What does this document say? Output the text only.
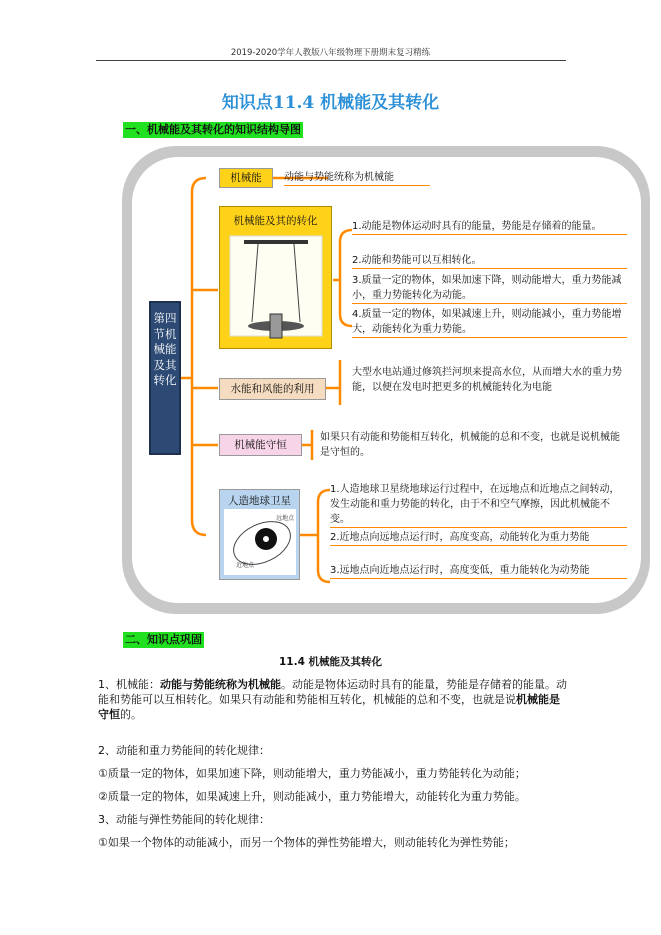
2019-2020学年人教版八年级物理下册期末复习精练
知识点11.4 机械能及其转化
一、机械能及其转化的知识结构导图
第四节机械能及其转化
机械能	动能与势能统称为机械能
机械能及其的转化	1.动能是物体运动时具有的能量，势能是存储着的能量。
2.动能和势能可以互相转化。
3.质量一定的物体，如果加速下降，则动能增大，重力势能减小，重力势能转化为动能。
4.质量一定的物体，如果减速上升，则动能减小，重力势能增大，动能转化为重力势能。
水能和风能的利用
大型水电站通过修筑拦河坝来提高水位，从而增大水的重力势能，以便在发电时把更多的机械能转化为电能
机械能守恒
如果只有动能和势能相互转化，机械能的总和不变，也就是说机械能是守恒的。
人造地球卫星
远地点
近地点
1.人造地球卫星绕地球运行过程中，在远地点和近地点之间转动，发生动能和重力势能的转化，由于不和空气摩擦，因此机械能不变。
2.近地点向远地点运行时，高度变高，动能转化为重力势能
3.远地点向近地点运行时，高度变低，重力能转化为动势能
二、知识点巩固
11.4 机械能及其转化
1、机械能：动能与势能统称为机械能。动能是物体运动时具有的能量，势能是存储着的能量。动能和势能可以互相转化。如果只有动能和势能相互转化，机械能的总和不变，也就是说机械能是守恒的。
2、动能和重力势能间的转化规律：
①质量一定的物体，如果加速下降，则动能增大，重力势能减小，重力势能转化为动能；
②质量一定的物体，如果减速上升，则动能减小，重力势能增大，动能转化为重力势能。
3、动能与弹性势能间的转化规律：
①如果一个物体的动能减小，而另一个物体的弹性势能增大，则动能转化为弹性势能；
